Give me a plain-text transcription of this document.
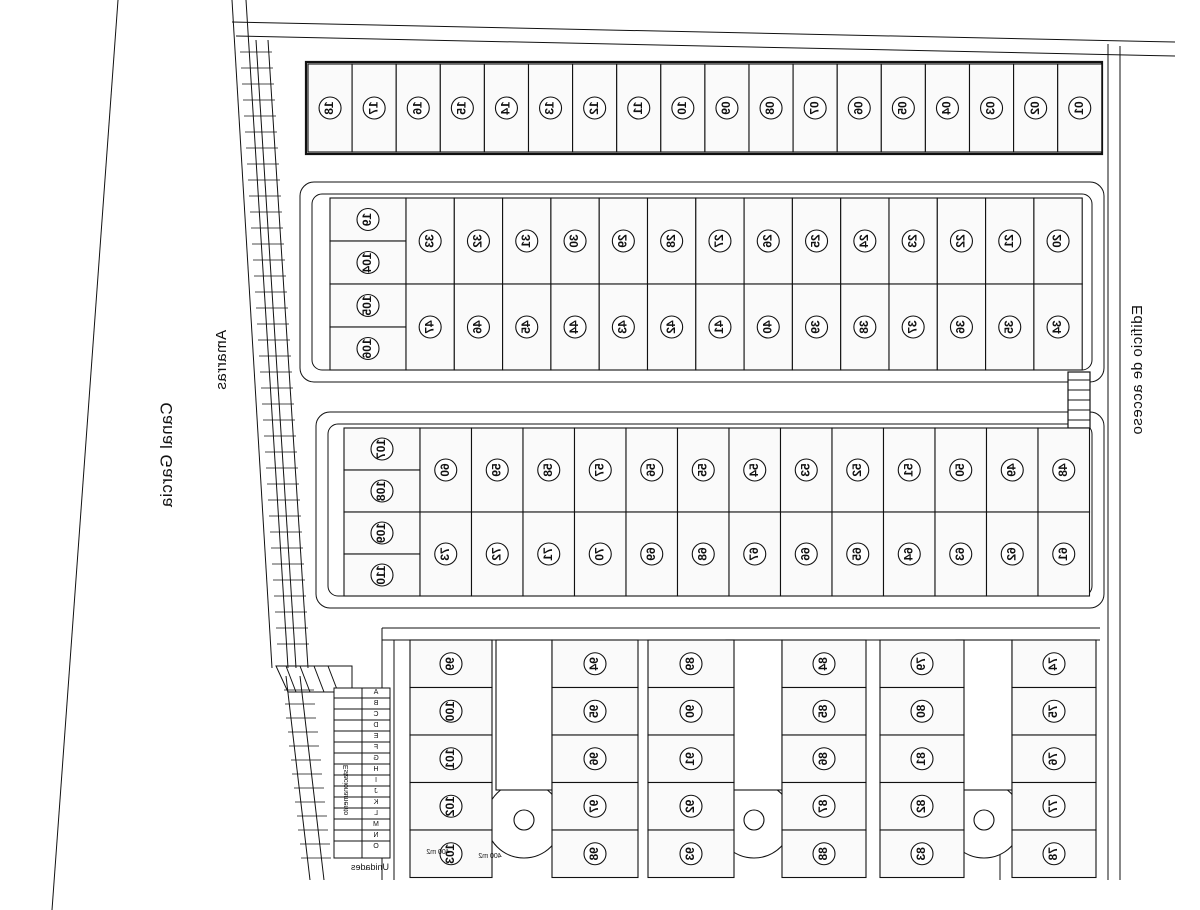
18	17	16	15	14	13	12	11	10	09	08	07	06	05	04	03	02	01
19
104
105
106
33	32	31	30	29	28	27	26	25	24	23	22	21	20
47	46	45	44	43	42	41	40	39	38	37	36	35	34
107
108
109
110
60	59	58	57	56	55	54	53	52	51	50	49	48
73	72	71	70	69	68	67	66	65	64	63	62	61
99
100
101
102
103
94
95
96
97
98
89
90
91
92
93
84
85
86
87
88
79
80
81
82
83
74
75
76
77
78
Canal Garcia
Amarras	Edificio de acceso
Unidades
Estacionamento
400 m2
400 m2
A
B
C
D
E
F
G
H
I
J
K
L
M
N
O
